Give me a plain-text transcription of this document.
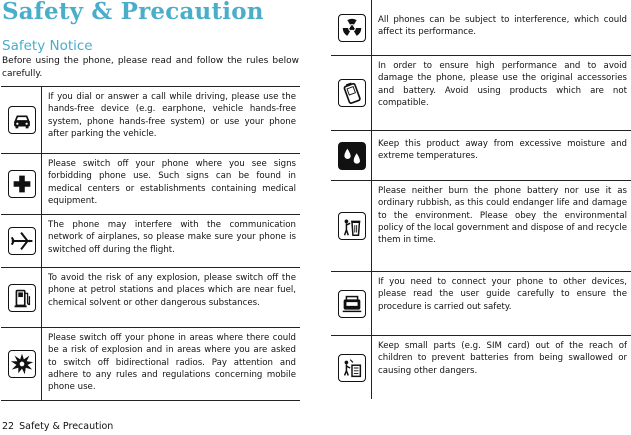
Safety & Precaution
Safety Notice

Before using the phone, please read and follow the rules below carefully.

If you dial or answer a call while driving, please use the hands-free device (e.g. earphone, vehicle hands-free system, phone hands-free system) or use your phone after parking the vehicle.
Please switch off your phone where you see signs forbidding phone use. Such signs can be found in medical centers or establishments containing medical equipment.
The phone may interfere with the communication network of airplanes, so please make sure your phone is switched off during the flight.
To avoid the risk of any explosion, please switch off the phone at petrol stations and places which are near fuel, chemical solvent or other dangerous substances.
Please switch off your phone in areas where there could be a risk of explosion and in areas where you are asked to switch off bidirectional radios. Pay attention and adhere to any rules and regulations concerning mobile phone use.
All phones can be subject to interference, which could affect its performance.
In order to ensure high performance and to avoid damage the phone, please use the original accessories and battery. Avoid using products which are not compatible.
Keep this product away from excessive moisture and extreme temperatures.
Please neither burn the phone battery nor use it as ordinary rubbish, as this could endanger life and damage to the environment. Please obey the environmental policy of the local government and dispose of and recycle them in time.
If you need to connect your phone to other devices, please read the user guide carefully to ensure the procedure is carried out safety.
Keep small parts (e.g. SIM card) out of the reach of children to prevent batteries from being swallowed or causing other dangers.
22 Safety & Precaution
